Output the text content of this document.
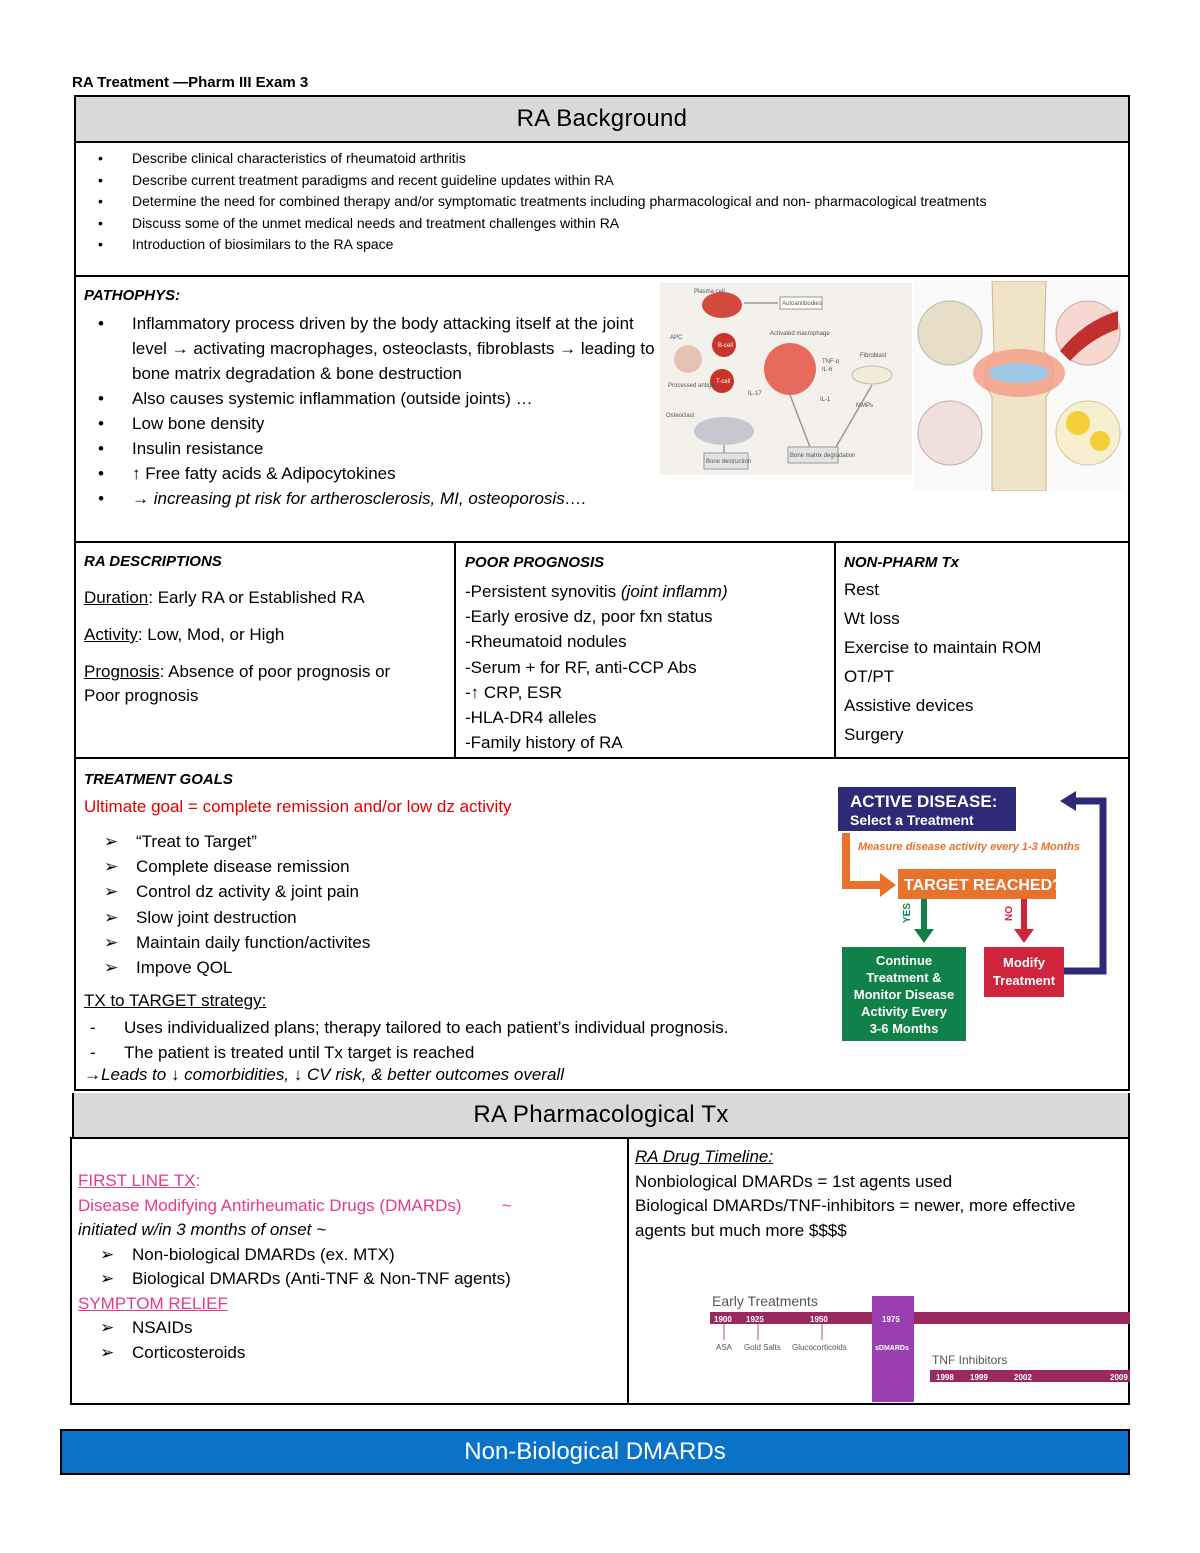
RA Treatment —Pharm III Exam 3
RA Background
• Describe clinical characteristics of rheumatoid arthritis
• Describe current treatment paradigms and recent guideline updates within RA
• Determine the need for combined therapy and/or symptomatic treatments including pharmacological and non- pharmacological treatments
• Discuss some of the unmet medical needs and treatment challenges within RA
• Introduction of biosimilars to the RA space
PATHOPHYS:
• Inflammatory process driven by the body attacking itself at the joint level → activating macrophages, osteoclasts, fibroblasts → leading to bone matrix degradation & bone destruction
• Also causes systemic inflammation (outside joints) …
• Low bone density
• Insulin resistance
• ↑ Free fatty acids & Adipocytokines
• → increasing pt risk for artherosclerosis, MI, osteoporosis….
Plasma cell
Autoantibodies
APC
B-cell
Activated macrophage
TNF-α
IL-6
Fibroblast
Processed antigen
T-cell
IL-17
IL-1
MMPs
Osteoclast
Bone destruction
Bone matrix degradation
RA DESCRIPTIONS
Duration: Early RA or Established RA
Activity: Low, Mod, or High
Prognosis: Absence of poor prognosis or Poor prognosis
POOR PROGNOSIS
-Persistent synovitis (joint inflamm)
-Early erosive dz, poor fxn status
-Rheumatoid nodules
-Serum + for RF, anti-CCP Abs
-↑ CRP, ESR
-HLA-DR4 alleles
-Family history of RA
NON-PHARM Tx
Rest
Wt loss
Exercise to maintain ROM
OT/PT
Assistive devices
Surgery
TREATMENT GOALS
Ultimate goal = complete remission and/or low dz activity
➢ “Treat to Target”
➢ Complete disease remission
➢ Control dz activity & joint pain
➢ Slow joint destruction
➢ Maintain daily function/activites
➢ Impove QOL
TX to TARGET strategy:
- Uses individualized plans; therapy tailored to each patient’s individual prognosis.
- The patient is treated until Tx target is reached
→Leads to ↓ comorbidities, ↓ CV risk, & better outcomes overall
ACTIVE DISEASE:
Select a Treatment
Measure disease activity every 1-3 Months
TARGET REACHED?
YES	NO
Continue
Treatment &
Monitor Disease
Activity Every
3-6 Months
Modify
Treatment
RA Pharmacological Tx
FIRST LINE TX:
Disease Modifying Antirheumatic Drugs (DMARDs) ~
initiated w/in 3 months of onset ~
➢ Non-biological DMARDs (ex. MTX)
➢ Biological DMARDs (Anti-TNF & Non-TNF agents)
SYMPTOM RELIEF
➢ NSAIDs
➢ Corticosteroids
RA Drug Timeline:
Nonbiological DMARDs = 1st agents used
Biological DMARDs/TNF-inhibitors = newer, more effective agents but much more $$$$
Early Treatments
1900 1925	1950
ASA Gold Salts Glucocorticoids
1975
sDMARDs
TNF Inhibitors
1998 1999	2002	2009
Non-Biological DMARDs
